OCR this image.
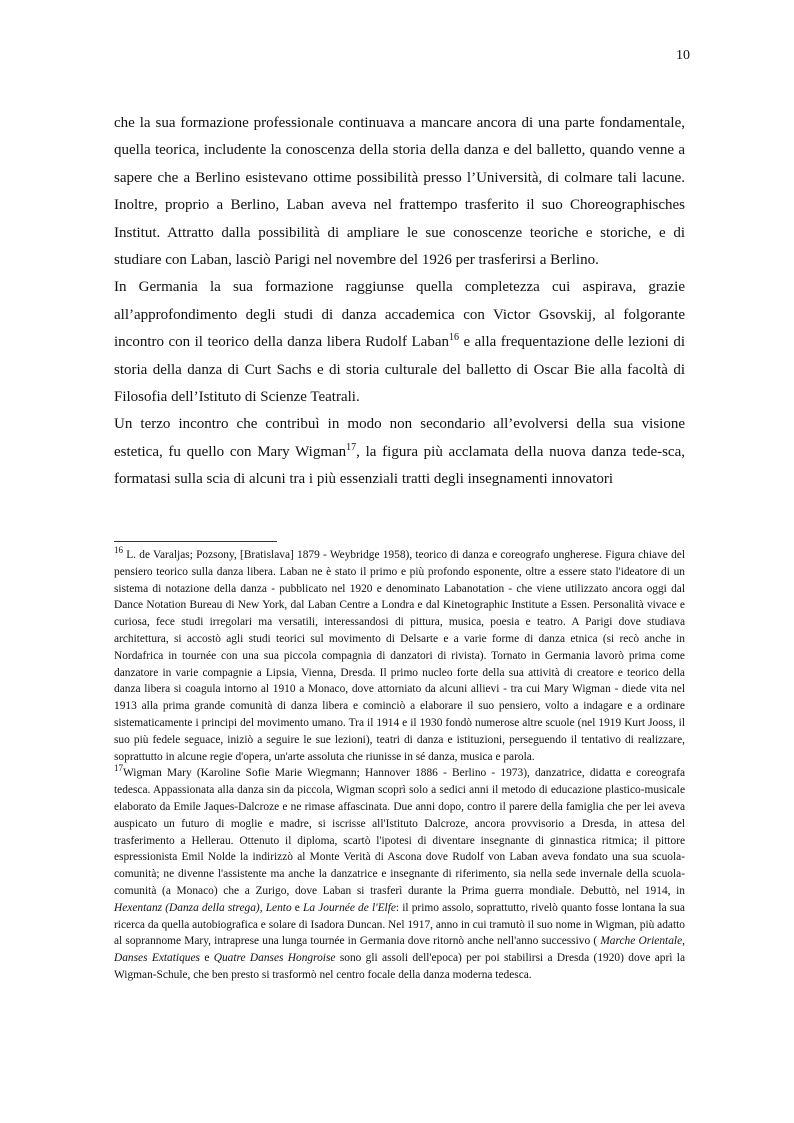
10

che la sua formazione professionale continuava a mancare ancora di una parte fondamentale, quella teorica, includente la conoscenza della storia della danza e del balletto, quando venne a sapere che a Berlino esistevano ottime possibilità presso l’Università, di colmare tali lacune. Inoltre, proprio a Berlino, Laban aveva nel frattempo trasferito il suo Choreographisches Institut. Attratto dalla possibilità di ampliare le sue conoscenze teoriche e storiche, e di studiare con Laban, lasciò Parigi nel novembre del 1926 per trasferirsi a Berlino.

In Germania la sua formazione raggiunse quella completezza cui aspirava, grazie all’approfondimento degli studi di danza accademica con Victor Gsovskij, al folgorante incontro con il teorico della danza libera Rudolf Laban$^{16}$ e alla frequentazione delle lezioni di storia della danza di Curt Sachs e di storia culturale del balletto di Oscar Bie alla facoltà di Filosofia dell’Istituto di Scienze Teatrali.

Un terzo incontro che contribuì in modo non secondario all’evolversi della sua visione estetica, fu quello con Mary Wigman$^{17}$, la figura più acclamata della nuova danza tede-sca, formatasi sulla scia di alcuni tra i più essenziali tratti degli insegnamenti innovatori

$^{16}$ L. de Varaljas; Pozsony, [Bratislava] 1879 - Weybridge 1958), teorico di danza e coreografo ungherese. Figura chiave del pensiero teorico sulla danza libera. Laban ne è stato il primo e più profondo esponente, oltre a essere stato l'ideatore di un sistema di notazione della danza - pubblicato nel 1920 e denominato Labanotation - che viene utilizzato ancora oggi dal Dance Notation Bureau di New York, dal Laban Centre a Londra e dal Kinetographic Institute a Essen. Personalità vivace e curiosa, fece studi irregolari ma versatili, interessandosi di pittura, musica, poesia e teatro. A Parigi dove studiava architettura, si accostò agli studi teorici sul movimento di Delsarte e a varie forme di danza etnica (si recò anche in Nordafrica in tournée con una sua piccola compagnia di danzatori di rivista). Tornato in Germania lavorò prima come danzatore in varie compagnie a Lipsia, Vienna, Dresda. Il primo nucleo forte della sua attività di creatore e teorico della danza libera si coagula intorno al 1910 a Monaco, dove attorniato da alcuni allievi - tra cui Mary Wigman - diede vita nel 1913 alla prima grande comunità di danza libera e cominciò a elaborare il suo pensiero, volto a indagare e a ordinare sistematicamente i principi del movimento umano. Tra il 1914 e il 1930 fondò numerose altre scuole (nel 1919 Kurt Jooss, il suo più fedele seguace, iniziò a seguire le sue lezioni), teatri di danza e istituzioni, perseguendo il tentativo di realizzare, soprattutto in alcune regie d'opera, un'arte assoluta che riunisse in sé danza, musica e parola.

$^{17}$Wigman Mary (Karoline Sofie Marie Wiegmann; Hannover 1886 - Berlino - 1973), danzatrice, didatta e coreografa tedesca. Appassionata alla danza sin da piccola, Wigman scoprì solo a sedici anni il metodo di educazione plastico-musicale elaborato da Emile Jaques-Dalcroze e ne rimase affascinata. Due anni dopo, contro il parere della famiglia che per lei aveva auspicato un futuro di moglie e madre, si iscrisse all'Istituto Dalcroze, ancora provvisorio a Dresda, in attesa del trasferimento a Hellerau. Ottenuto il diploma, scartò l'ipotesi di diventare insegnante di ginnastica ritmica; il pittore espressionista Emil Nolde la indirizzò al Monte Verità di Ascona dove Rudolf von Laban aveva fondato una sua scuola-comunità; ne divenne l'assistente ma anche la danzatrice e insegnante di riferimento, sia nella sede invernale della scuola-comunità (a Monaco) che a Zurigo, dove Laban si trasferì durante la Prima guerra mondiale. Debuttò, nel 1914, in Hexentanz (Danza della strega), Lento e La Journée de l'Elfe: il primo assolo, soprattutto, rivelò quanto fosse lontana la sua ricerca da quella autobiografica e solare di Isadora Duncan. Nel 1917, anno in cui tramutò il suo nome in Wigman, più adatto al soprannome Mary, intraprese una lunga tournée in Germania dove ritornò anche nell'anno successivo ( Marche Orientale, Danses Extatiques e Quatre Danses Hongroise sono gli assoli dell'epoca) per poi stabilirsi a Dresda (1920) dove aprì la Wigman-Schule, che ben presto si trasformò nel centro focale della danza moderna tedesca.
